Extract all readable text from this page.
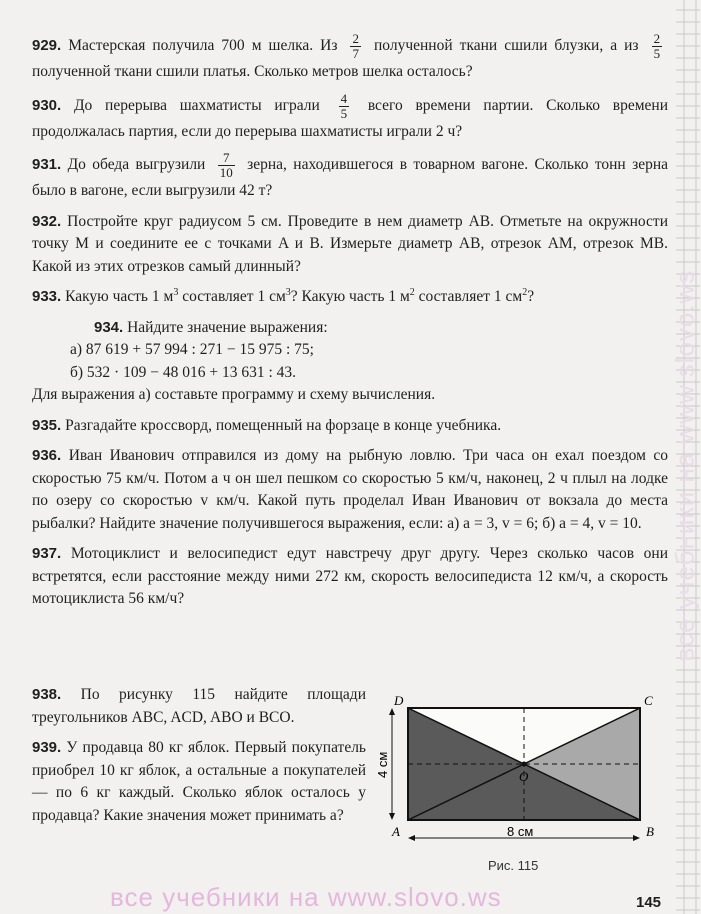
929. Мастерская получила 700 м шелка. Из $\frac{2}{7}$ полученной ткани сшили блузки, а из $\frac{2}{5}$
полученной ткани сшили платья. Сколько метров шелка осталось?

930. До перерыва шахматисты играли $\frac{4}{5}$ всего времени партии. Сколько времени продолжалась партия, если до перерыва шахматисты играли 2 ч?

931. До обеда выгрузили $\frac{7}{10}$ зерна, находившегося в товарном вагоне. Сколько тонн зерна было в вагоне, если выгрузили 42 т?

932. Постройте круг радиусом 5 см. Проведите в нем диаметр AB. Отметьте на окружности точку M и соедините ее с точками A и B. Измерьте диаметр AB, отрезок AM, отрезок MB. Какой из этих отрезков самый длинный?

933. Какую часть 1 $м^3$ составляет 1 $см^3$? Какую часть 1 $м^2$ составляет 1 $см^2$?

934. Найдите значение выражения:

а) 87 619 + 57 994 : 271 − 15 975 : 75;

б) 532 · 109 − 48 016 + 13 631 : 43.

Для выражения а) составьте программу и схему вычисления.

935. Разгадайте кроссворд, помещенный на форзаце в конце учебника.

936. Иван Иванович отправился из дому на рыбную ловлю. Три часа он ехал поездом со скоростью 75 км/ч. Потом a ч он шел пешком со скоростью 5 км/ч, наконец, 2 ч плыл на лодке по озеру со скоростью v км/ч. Какой путь проделал Иван Иванович от вокзала до места рыбалки? Найдите значение получившегося выражения, если: а) a = 3, v = 6; б) a = 4, v = 10.

937. Мотоциклист и велосипедист едут навстречу друг другу. Через сколько часов они встретятся, если расстояние между ними 272 км, скорость велосипедиста 12 км/ч, а скорость мотоциклиста 56 км/ч?

938. По рисунку 115 найдите площади треугольников ABC, ACD, ABO и BCO.

939. У продавца 80 кг яблок. Первый покупатель приобрел 10 кг яблок, а остальные a покупателей — по 6 кг каждый. Сколько яблок осталось у продавца? Какие значения может принимать a?

D	C
A	B
O
8 см
4 см
Рис. 115
все учебники на www.slovo.ws
все учебники на www.slovo.ws	145
